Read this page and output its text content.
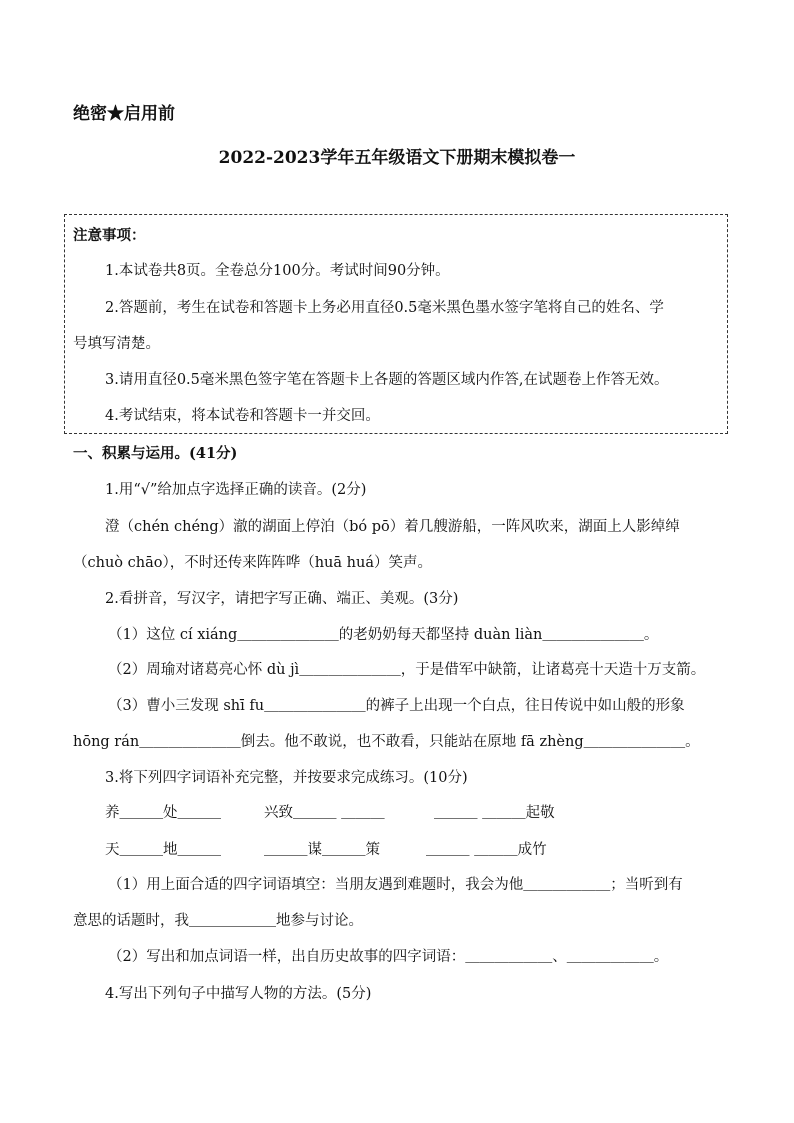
绝密★启用前
2022-2023学年五年级语文下册期末模拟卷一
注意事项：
1.本试卷共8页。全卷总分100分。考试时间90分钟。
2.答题前，考生在试卷和答题卡上务必用直径0.5毫米黑色墨水签字笔将自己的姓名、学
号填写清楚。
3.请用直径0.5毫米黑色签字笔在答题卡上各题的答题区域内作答,在试题卷上作答无效。
4.考试结束，将本试卷和答题卡一并交回。
一、积累与运用。(41分)
1.用“√”给加点字选择正确的读音。(2分)
澄（chén chéng）澈的湖面上停泊（bó pō）着几艘游船，一阵风吹来，湖面上人影绰绰
（chuò chāo），不时还传来阵阵哗（huā huá）笑声。
2.看拼音，写汉字，请把字写正确、端正、美观。(3分)
（1）这位 cí xiáng＿＿＿＿＿＿＿的老奶奶每天都坚持 duàn liàn＿＿＿＿＿＿＿。
（2）周瑜对诸葛亮心怀 dù jì＿＿＿＿＿＿＿，于是借军中缺箭，让诸葛亮十天造十万支箭。
（3）曹小三发现 shī fu＿＿＿＿＿＿＿的裤子上出现一个白点，往日传说中如山般的形象
hōng rán＿＿＿＿＿＿＿倒去。他不敢说，也不敢看，只能站在原地 fā zhèng＿＿＿＿＿＿＿。
3.将下列四字词语补充完整，并按要求完成练习。(10分)
养＿＿＿处＿＿＿	兴致＿＿＿ ＿＿＿	＿＿＿ ＿＿＿起敬
天＿＿＿地＿＿＿	＿＿＿谋＿＿＿策	＿＿＿ ＿＿＿成竹
（1）用上面合适的四字词语填空：当朋友遇到难题时，我会为他＿＿＿＿＿＿；当听到有
意思的话题时，我＿＿＿＿＿＿地参与讨论。
（2）写出和加点词语一样，出自历史故事的四字词语：＿＿＿＿＿＿、＿＿＿＿＿＿。
4.写出下列句子中描写人物的方法。(5分)
